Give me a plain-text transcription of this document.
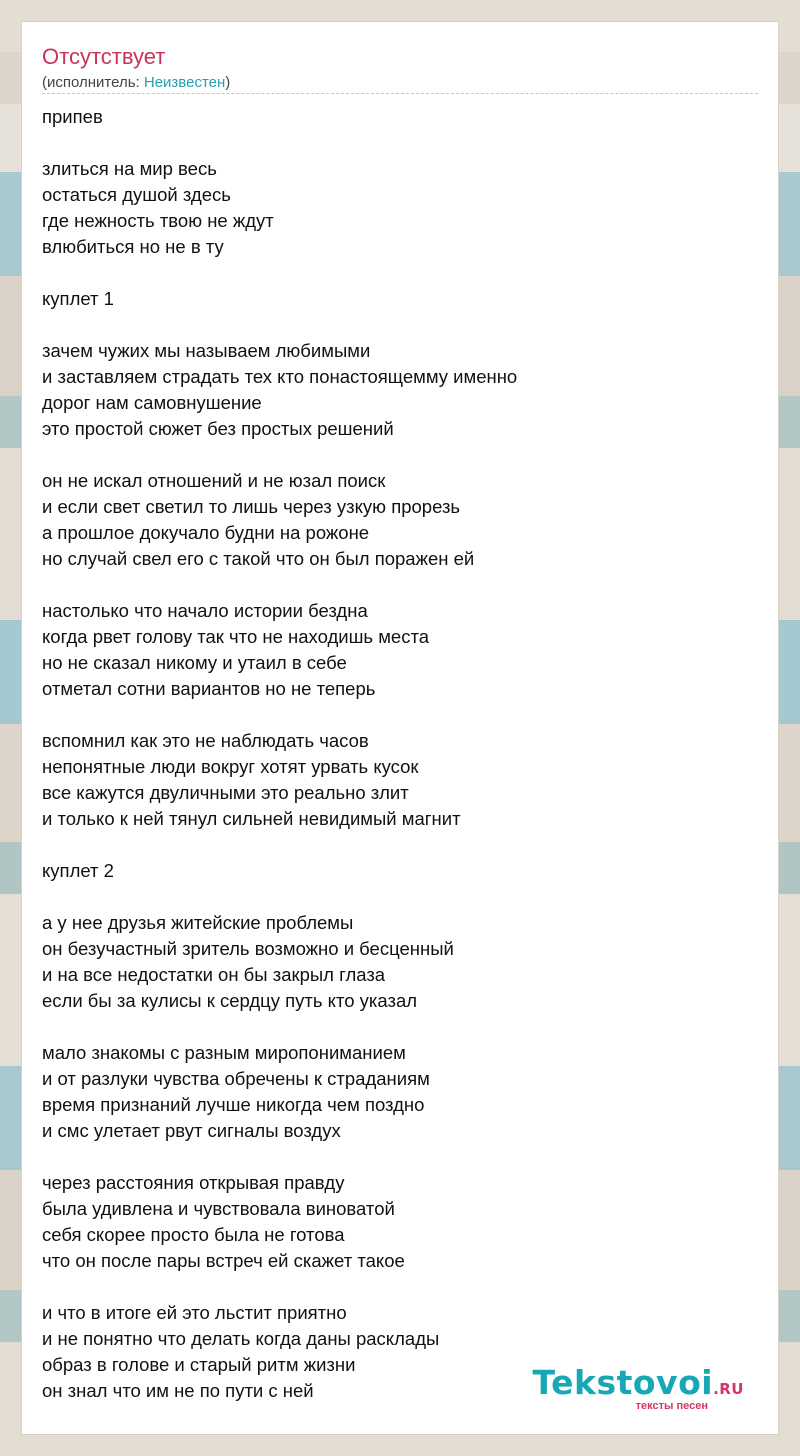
Отсутствует
(исполнитель: Неизвестен)
припев
злиться на мир весь
остаться душой здесь
где нежность твою не ждут
влюбиться но не в ту
куплет 1
зачем чужих мы называем любимыми
и заставляем страдать тех кто понастоящемму именно
дорог нам самовнушение
это простой сюжет без простых решений
он не искал отношений и не юзал поиск
и если свет светил то лишь через узкую прорезь
а прошлое докучало будни на рожоне
но случай свел его с такой что он был поражен ей
настолько что начало истории бездна
когда рвет голову так что не находишь места
но не сказал никому и утаил в себе
отметал сотни вариантов но не теперь
вспомнил как это не наблюдать часов
непонятные люди вокруг хотят урвать кусок
все кажутся двуличными это реально злит
и только к ней тянул сильней невидимый магнит
куплет 2
а у нее друзья житейские проблемы
он безучастный зритель возможно и бесценный
и на все недостатки он бы закрыл глаза
если бы за кулисы к сердцу путь кто указал
мало знакомы с разным миропониманием
и от разлуки чувства обречены к страданиям
время признаний лучше никогда чем поздно
и смс улетает рвут сигналы воздух
через расстояния открывая правду
была удивлена и чувствовала виноватой
себя скорее просто была не готова
что он после пары встреч ей скажет такое
и что в итоге ей это льстит приятно
и не понятно что делать когда даны расклады
образ в голове и старый ритм жизни
он знал что им не по пути с ней	Tekstovoi.RU
тексты песен
